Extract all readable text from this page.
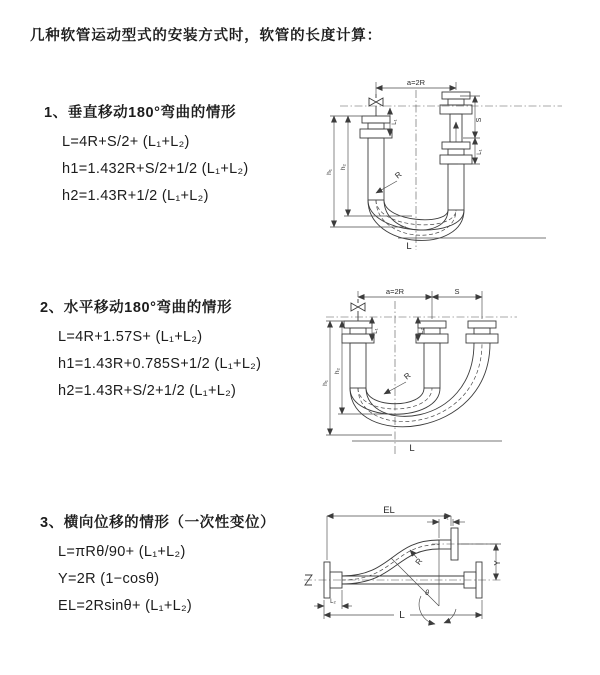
几种软管运动型式的安装方式时，软管的长度计算：
1、垂直移动180°弯曲的情形
L=4R+S/2+ (L₁+L₂)
h1=1.432R+S/2+1/2 (L₁+L₂)
h2=1.43R+1/2 (L₁+L₂)
a=2R
S
L₁
L₁
h₂
h₁	R
L
2、水平移动180°弯曲的情形
L=4R+1.57S+ (L₁+L₂)
h1=1.43R+0.785S+1/2 (L₁+L₂)
h2=1.43R+S/2+1/2 (L₁+L₂)
a=2R	S
L₁	L₂
h₂
h₁
R
L
3、横向位移的情形（一次性变位）
L=πRθ/90+ (L₁+L₂)
Y=2R (1−cosθ)
EL=2Rsinθ+ (L₁+L₂)
EL
L₁
Y
R
θ
L
L₂
